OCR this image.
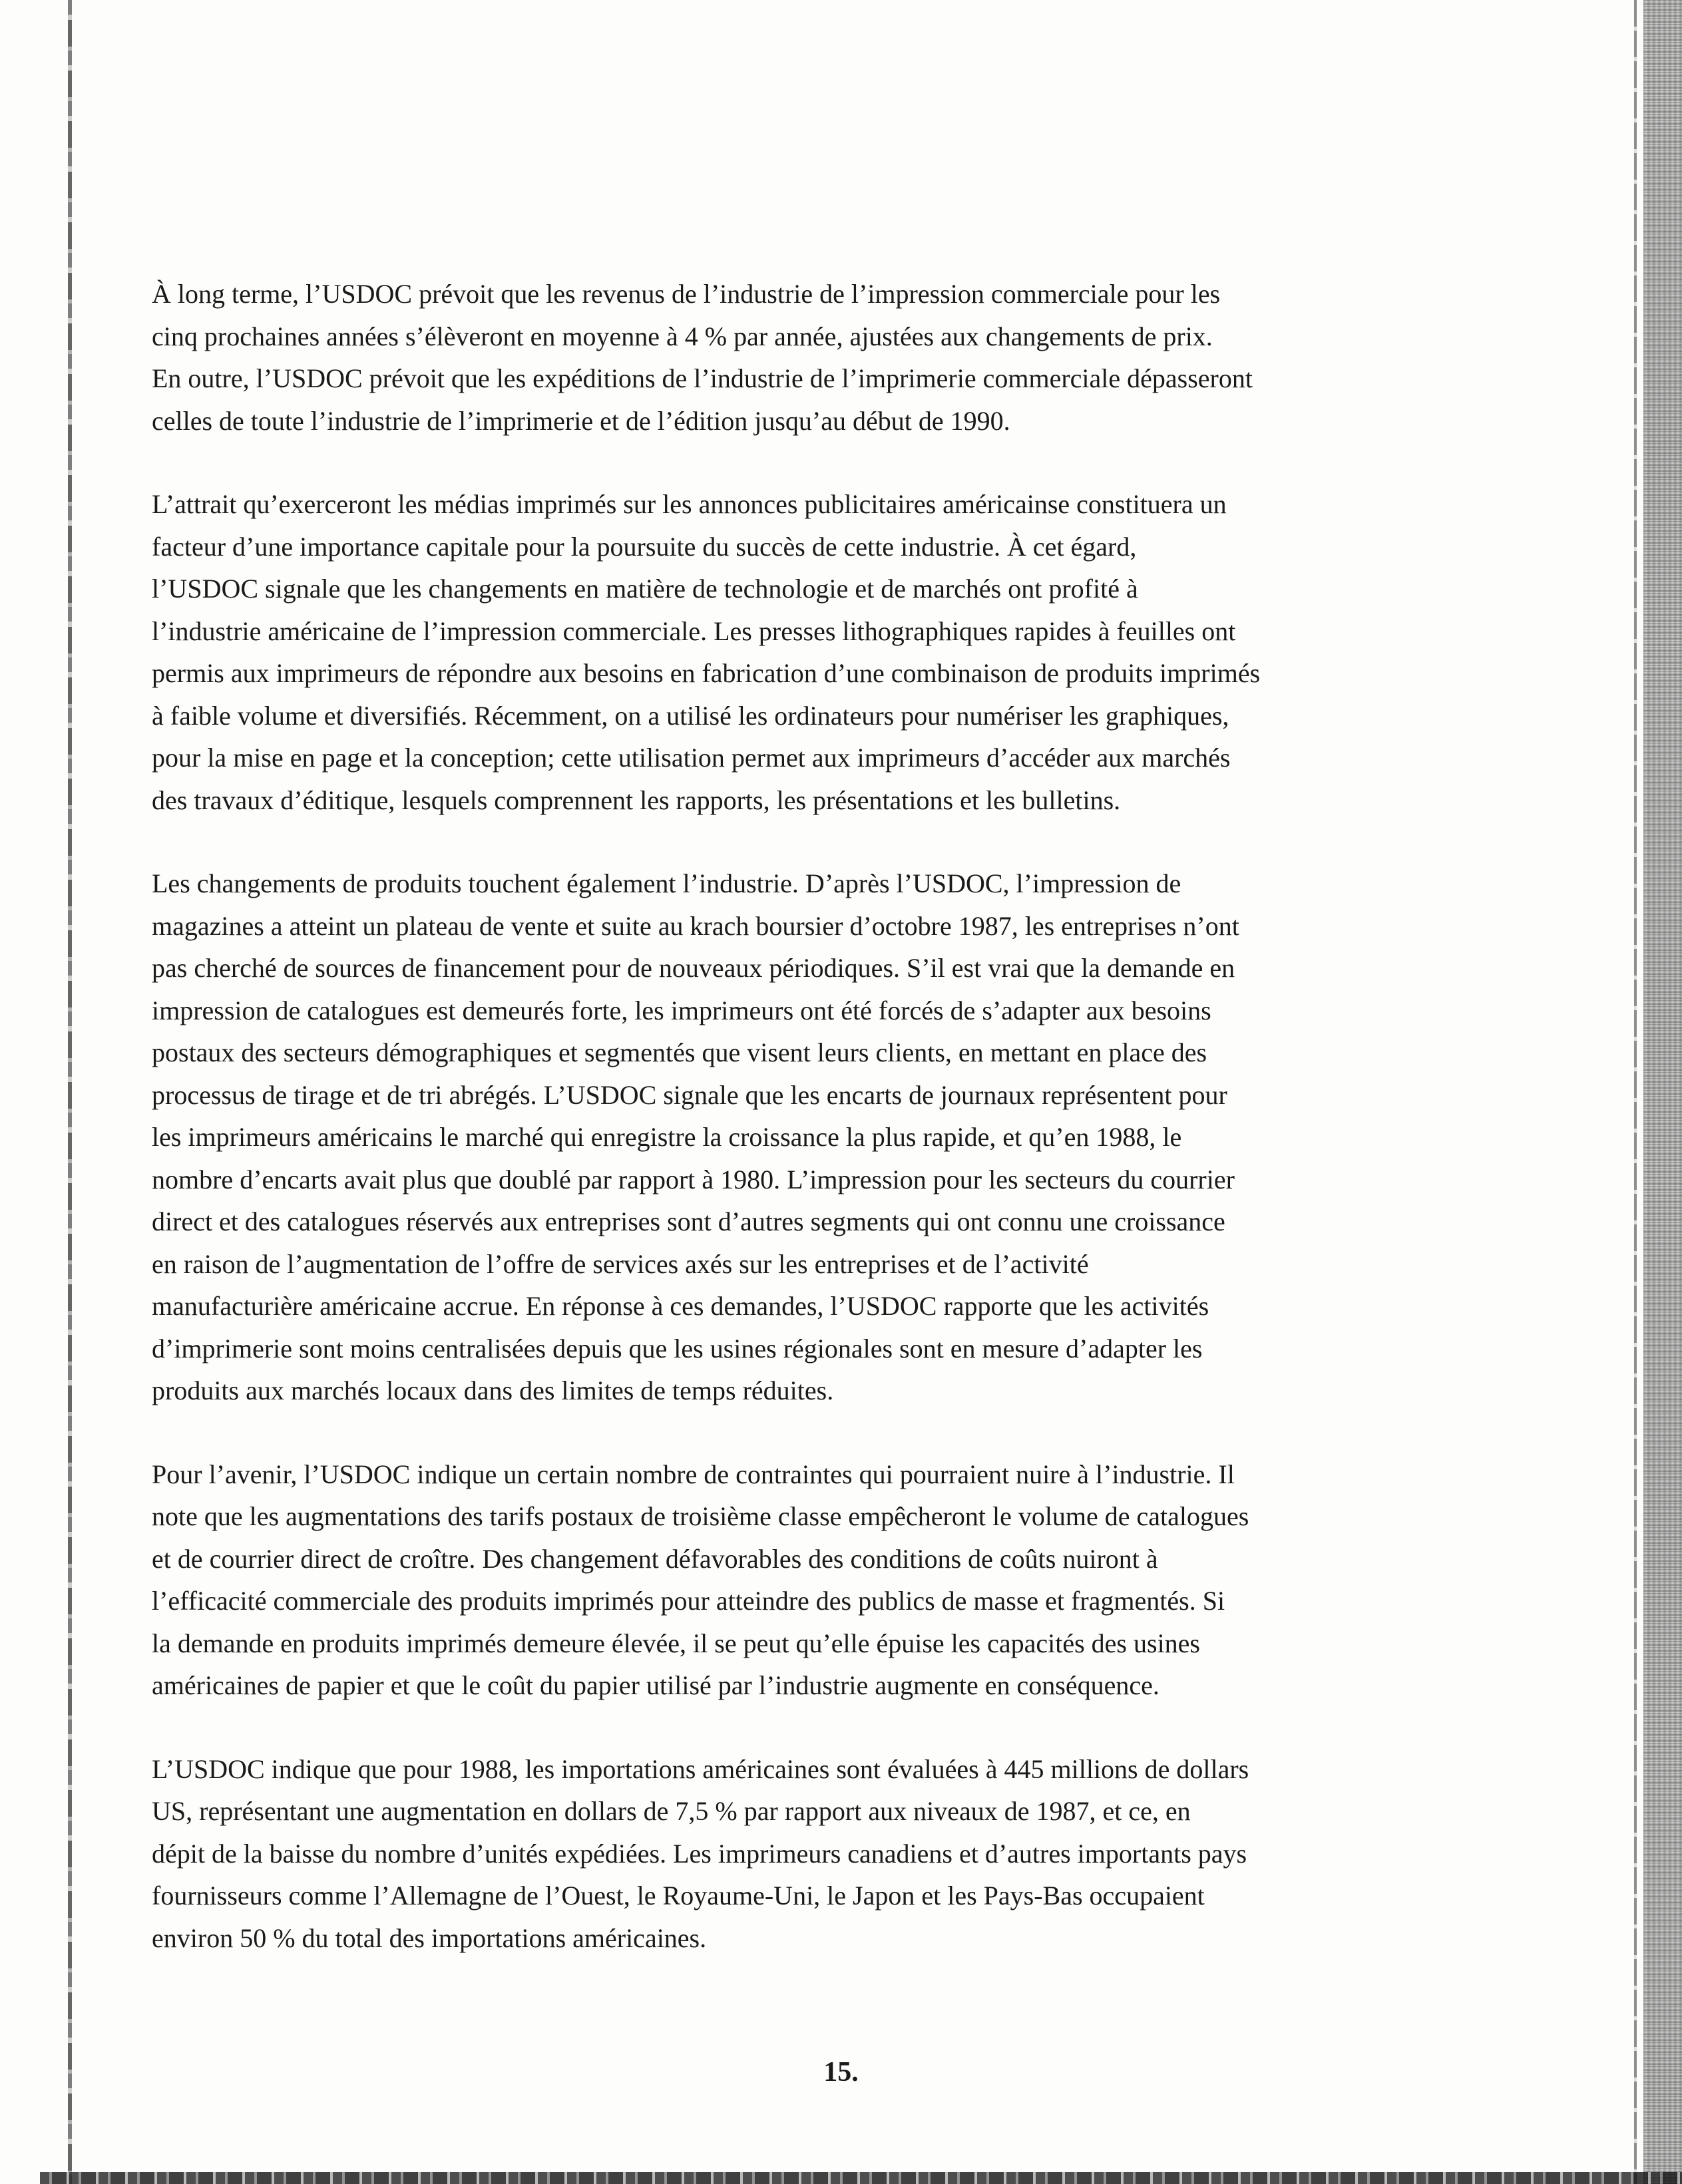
À long terme, l’USDOC prévoit que les revenus de l’industrie de l’impression commerciale pour les
cinq prochaines années s’élèveront en moyenne à 4 % par année, ajustées aux changements de prix.
En outre, l’USDOC prévoit que les expéditions de l’industrie de l’imprimerie commerciale dépasseront
celles de toute l’industrie de l’imprimerie et de l’édition jusqu’au début de 1990.

L’attrait qu’exerceront les médias imprimés sur les annonces publicitaires américainse constituera un
facteur d’une importance capitale pour la poursuite du succès de cette industrie. À cet égard,
l’USDOC signale que les changements en matière de technologie et de marchés ont profité à
l’industrie américaine de l’impression commerciale. Les presses lithographiques rapides à feuilles ont
permis aux imprimeurs de répondre aux besoins en fabrication d’une combinaison de produits imprimés
à faible volume et diversifiés. Récemment, on a utilisé les ordinateurs pour numériser les graphiques,
pour la mise en page et la conception; cette utilisation permet aux imprimeurs d’accéder aux marchés
des travaux d’éditique, lesquels comprennent les rapports, les présentations et les bulletins.

Les changements de produits touchent également l’industrie. D’après l’USDOC, l’impression de
magazines a atteint un plateau de vente et suite au krach boursier d’octobre 1987, les entreprises n’ont
pas cherché de sources de financement pour de nouveaux périodiques. S’il est vrai que la demande en
impression de catalogues est demeurés forte, les imprimeurs ont été forcés de s’adapter aux besoins
postaux des secteurs démographiques et segmentés que visent leurs clients, en mettant en place des
processus de tirage et de tri abrégés. L’USDOC signale que les encarts de journaux représentent pour
les imprimeurs américains le marché qui enregistre la croissance la plus rapide, et qu’en 1988, le
nombre d’encarts avait plus que doublé par rapport à 1980. L’impression pour les secteurs du courrier
direct et des catalogues réservés aux entreprises sont d’autres segments qui ont connu une croissance
en raison de l’augmentation de l’offre de services axés sur les entreprises et de l’activité
manufacturière américaine accrue. En réponse à ces demandes, l’USDOC rapporte que les activités
d’imprimerie sont moins centralisées depuis que les usines régionales sont en mesure d’adapter les
produits aux marchés locaux dans des limites de temps réduites.

Pour l’avenir, l’USDOC indique un certain nombre de contraintes qui pourraient nuire à l’industrie. Il
note que les augmentations des tarifs postaux de troisième classe empêcheront le volume de catalogues
et de courrier direct de croître. Des changement défavorables des conditions de coûts nuiront à
l’efficacité commerciale des produits imprimés pour atteindre des publics de masse et fragmentés. Si
la demande en produits imprimés demeure élevée, il se peut qu’elle épuise les capacités des usines
américaines de papier et que le coût du papier utilisé par l’industrie augmente en conséquence.

L’USDOC indique que pour 1988, les importations américaines sont évaluées à 445 millions de dollars
US, représentant une augmentation en dollars de 7,5 % par rapport aux niveaux de 1987, et ce, en
dépit de la baisse du nombre d’unités expédiées. Les imprimeurs canadiens et d’autres importants pays
fournisseurs comme l’Allemagne de l’Ouest, le Royaume-Uni, le Japon et les Pays-Bas occupaient
environ 50 % du total des importations américaines.

15.
